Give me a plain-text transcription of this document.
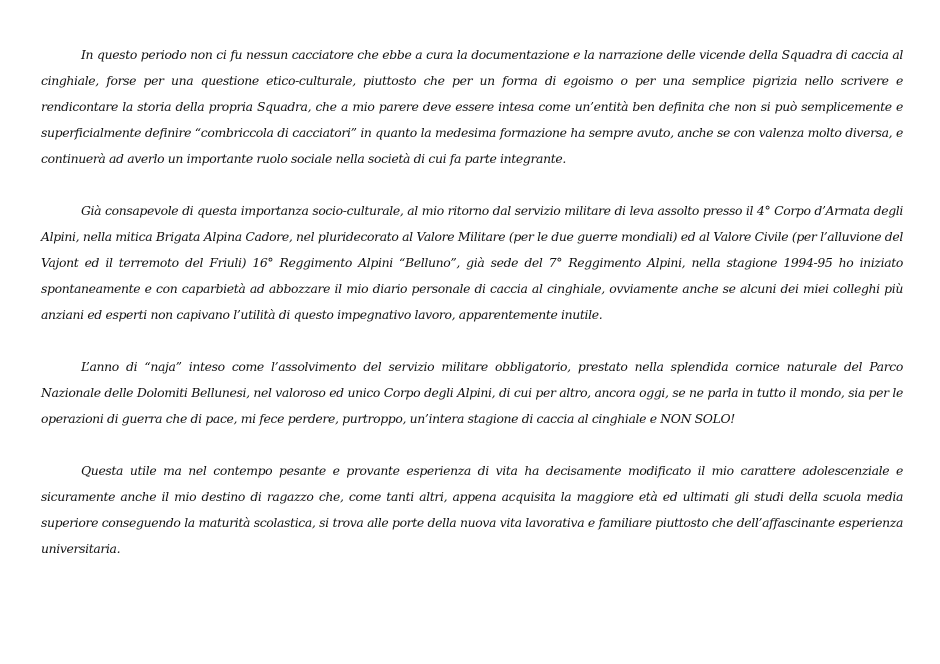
In questo periodo non ci fu nessun cacciatore che ebbe a cura la documentazione e la narrazione delle vicende della Squadra di caccia al cinghiale, forse per una questione etico-culturale, piuttosto che per un forma di egoismo o per una semplice pigrizia nello scrivere e rendicontare la storia della propria Squadra, che a mio parere deve essere intesa come un’entità ben definita che non si può semplicemente e superficialmente definire “combriccola di cacciatori” in quanto la medesima formazione ha sempre avuto, anche se con valenza molto diversa, e continuerà ad averlo un importante ruolo sociale nella società di cui fa parte integrante.

Già consapevole di questa importanza socio-culturale, al mio ritorno dal servizio militare di leva assolto presso il 4° Corpo d’Armata degli Alpini, nella mitica Brigata Alpina Cadore, nel pluridecorato al Valore Militare (per le due guerre mondiali) ed al Valore Civile (per l’alluvione del Vajont ed il terremoto del Friuli) 16° Reggimento Alpini “Belluno”, già sede del 7° Reggimento Alpini, nella stagione 1994-95 ho iniziato spontaneamente e con caparbietà ad abbozzare il mio diario personale di caccia al cinghiale, ovviamente anche se alcuni dei miei colleghi più anziani ed esperti non capivano l’utilità di questo impegnativo lavoro, apparentemente inutile.

L’anno di “naja” inteso come l’assolvimento del servizio militare obbligatorio, prestato nella splendida cornice naturale del Parco Nazionale delle Dolomiti Bellunesi, nel valoroso ed unico Corpo degli Alpini, di cui per altro, ancora oggi, se ne parla in tutto il mondo, sia per le operazioni di guerra che di pace, mi fece perdere, purtroppo, un’intera stagione di caccia al cinghiale e NON SOLO!

Questa utile ma nel contempo pesante e provante esperienza di vita ha decisamente modificato il mio carattere adolescenziale e sicuramente anche il mio destino di ragazzo che, come tanti altri, appena acquisita la maggiore età ed ultimati gli studi della scuola media superiore conseguendo la maturità scolastica, si trova alle porte della nuova vita lavorativa e familiare piuttosto che dell’affascinante esperienza universitaria.
